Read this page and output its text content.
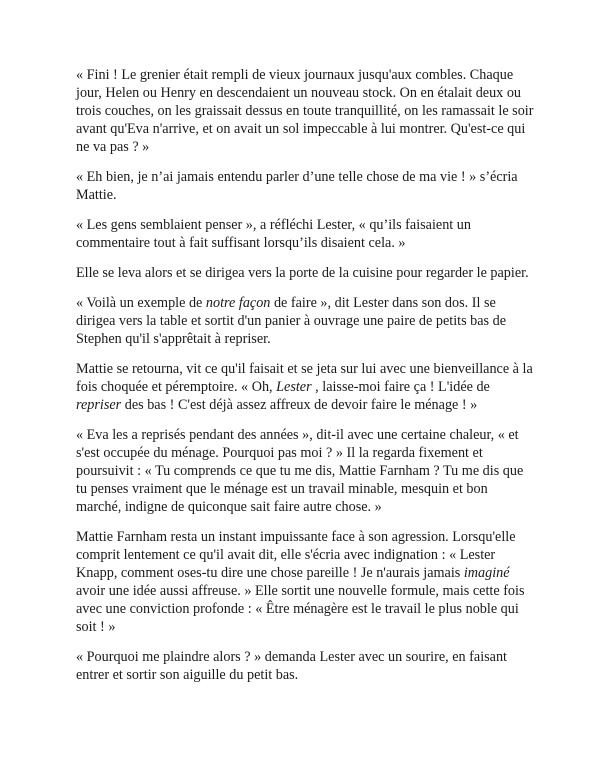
« Fini ! Le grenier était rempli de vieux journaux jusqu'aux combles. Chaque jour, Helen ou Henry en descendaient un nouveau stock. On en étalait deux ou trois couches, on les graissait dessus en toute tranquillité, on les ramassait le soir avant qu'Eva n'arrive, et on avait un sol impeccable à lui montrer. Qu'est-ce qui ne va pas ? »

« Eh bien, je n’ai jamais entendu parler d’une telle chose de ma vie ! » s’écria Mattie.

« Les gens semblaient penser », a réfléchi Lester, « qu’ils faisaient un commentaire tout à fait suffisant lorsqu’ils disaient cela. »

Elle se leva alors et se dirigea vers la porte de la cuisine pour regarder le papier.

« Voilà un exemple de notre façon de faire », dit Lester dans son dos. Il se dirigea vers la table et sortit d'un panier à ouvrage une paire de petits bas de Stephen qu'il s'apprêtait à repriser.

Mattie se retourna, vit ce qu'il faisait et se jeta sur lui avec une bienveillance à la fois choquée et péremptoire. « Oh, Lester , laisse-moi faire ça ! L'idée de repriser des bas ! C'est déjà assez affreux de devoir faire le ménage ! »

« Eva les a reprisés pendant des années », dit-il avec une certaine chaleur, « et s'est occupée du ménage. Pourquoi pas moi ? » Il la regarda fixement et poursuivit : « Tu comprends ce que tu me dis, Mattie Farnham ? Tu me dis que tu penses vraiment que le ménage est un travail minable, mesquin et bon marché, indigne de quiconque sait faire autre chose. »

Mattie Farnham resta un instant impuissante face à son agression. Lorsqu'elle comprit lentement ce qu'il avait dit, elle s'écria avec indignation : « Lester Knapp, comment oses-tu dire une chose pareille ! Je n'aurais jamais imaginé avoir une idée aussi affreuse. » Elle sortit une nouvelle formule, mais cette fois avec une conviction profonde : « Être ménagère est le travail le plus noble qui soit ! »

« Pourquoi me plaindre alors ? » demanda Lester avec un sourire, en faisant entrer et sortir son aiguille du petit bas.
